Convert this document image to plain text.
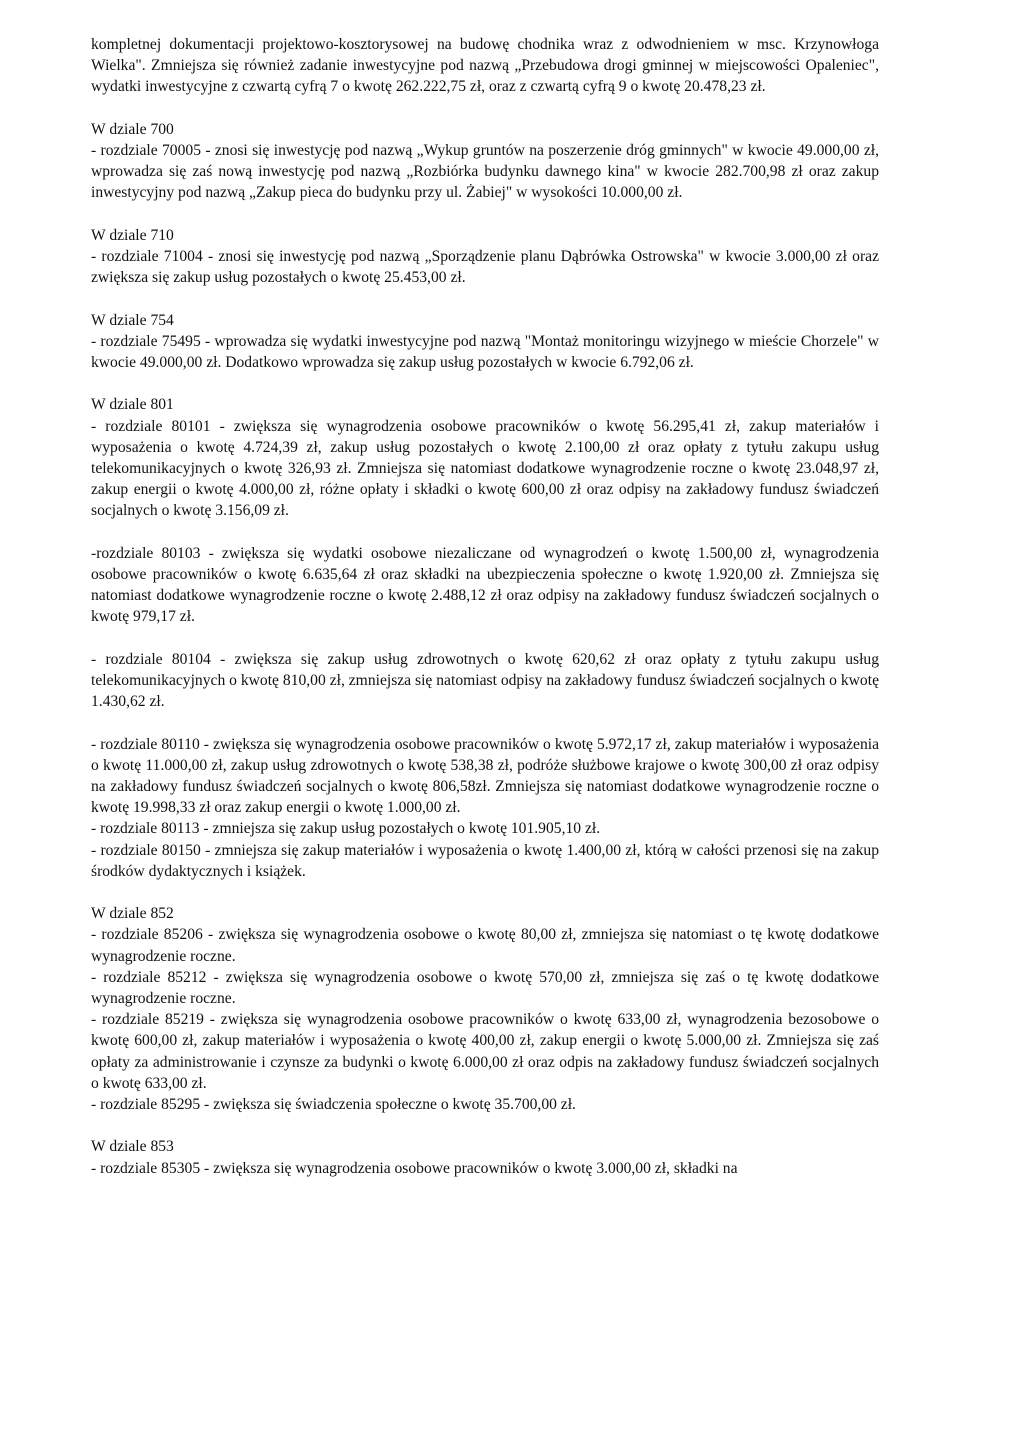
kompletnej dokumentacji projektowo-kosztorysowej na budowę chodnika wraz z odwodnieniem w msc. Krzynowłoga Wielka". Zmniejsza się również zadanie inwestycyjne pod nazwą „Przebudowa drogi gminnej w miejscowości Opaleniec", wydatki inwestycyjne z czwartą cyfrą 7 o kwotę 262.222,75 zł, oraz z czwartą cyfrą 9 o kwotę 20.478,23 zł.

W dziale 700

- rozdziale 70005 - znosi się inwestycję pod nazwą „Wykup gruntów na poszerzenie dróg gminnych" w kwocie 49.000,00 zł, wprowadza się zaś nową inwestycję pod nazwą „Rozbiórka budynku dawnego kina" w kwocie 282.700,98 zł oraz zakup inwestycyjny pod nazwą „Zakup pieca do budynku przy ul. Żabiej" w wysokości 10.000,00 zł.

W dziale 710

- rozdziale 71004 - znosi się inwestycję pod nazwą „Sporządzenie planu Dąbrówka Ostrowska" w kwocie 3.000,00 zł oraz zwiększa się zakup usług pozostałych o kwotę 25.453,00 zł.

W dziale 754

- rozdziale 75495 - wprowadza się wydatki inwestycyjne pod nazwą "Montaż monitoringu wizyjnego w mieście Chorzele" w kwocie 49.000,00 zł. Dodatkowo wprowadza się zakup usług pozostałych w kwocie 6.792,06 zł.

W dziale 801

- rozdziale 80101 - zwiększa się wynagrodzenia osobowe pracowników o kwotę 56.295,41 zł, zakup materiałów i wyposażenia o kwotę 4.724,39 zł, zakup usług pozostałych o kwotę 2.100,00 zł oraz opłaty z tytułu zakupu usług telekomunikacyjnych o kwotę 326,93 zł. Zmniejsza się natomiast dodatkowe wynagrodzenie roczne o kwotę 23.048,97 zł, zakup energii o kwotę 4.000,00 zł, różne opłaty i składki o kwotę 600,00 zł oraz odpisy na zakładowy fundusz świadczeń socjalnych o kwotę 3.156,09 zł.

-rozdziale 80103 - zwiększa się wydatki osobowe niezaliczane od wynagrodzeń o kwotę 1.500,00 zł, wynagrodzenia osobowe pracowników o kwotę 6.635,64 zł oraz składki na ubezpieczenia społeczne o kwotę 1.920,00 zł. Zmniejsza się natomiast dodatkowe wynagrodzenie roczne o kwotę 2.488,12 zł oraz odpisy na zakładowy fundusz świadczeń socjalnych o kwotę 979,17 zł.

- rozdziale 80104 - zwiększa się zakup usług zdrowotnych o kwotę 620,62 zł oraz opłaty z tytułu zakupu usług telekomunikacyjnych o kwotę 810,00 zł, zmniejsza się natomiast odpisy na zakładowy fundusz świadczeń socjalnych o kwotę 1.430,62 zł.

- rozdziale 80110 - zwiększa się wynagrodzenia osobowe pracowników o kwotę 5.972,17 zł, zakup materiałów i wyposażenia o kwotę 11.000,00 zł, zakup usług zdrowotnych o kwotę 538,38 zł, podróże służbowe krajowe o kwotę 300,00 zł oraz odpisy na zakładowy fundusz świadczeń socjalnych o kwotę 806,58zł. Zmniejsza się natomiast dodatkowe wynagrodzenie roczne o kwotę 19.998,33 zł oraz zakup energii o kwotę 1.000,00 zł.

- rozdziale 80113 - zmniejsza się zakup usług pozostałych o kwotę 101.905,10 zł.

- rozdziale 80150 - zmniejsza się zakup materiałów i wyposażenia o kwotę 1.400,00 zł, którą w całości przenosi się na zakup środków dydaktycznych i książek.

W dziale 852

- rozdziale 85206 - zwiększa się wynagrodzenia osobowe o kwotę 80,00 zł, zmniejsza się natomiast o tę kwotę dodatkowe wynagrodzenie roczne.

- rozdziale 85212 - zwiększa się wynagrodzenia osobowe o kwotę 570,00 zł, zmniejsza się zaś o tę kwotę dodatkowe wynagrodzenie roczne.

- rozdziale 85219 - zwiększa się wynagrodzenia osobowe pracowników o kwotę 633,00 zł, wynagrodzenia bezosobowe o kwotę 600,00 zł, zakup materiałów i wyposażenia o kwotę 400,00 zł, zakup energii o kwotę 5.000,00 zł. Zmniejsza się zaś opłaty za administrowanie i czynsze za budynki o kwotę 6.000,00 zł oraz odpis na zakładowy fundusz świadczeń socjalnych o kwotę 633,00 zł.

- rozdziale 85295 - zwiększa się świadczenia społeczne o kwotę 35.700,00 zł.

W dziale 853

- rozdziale 85305 - zwiększa się wynagrodzenia osobowe pracowników o kwotę 3.000,00 zł, składki na
